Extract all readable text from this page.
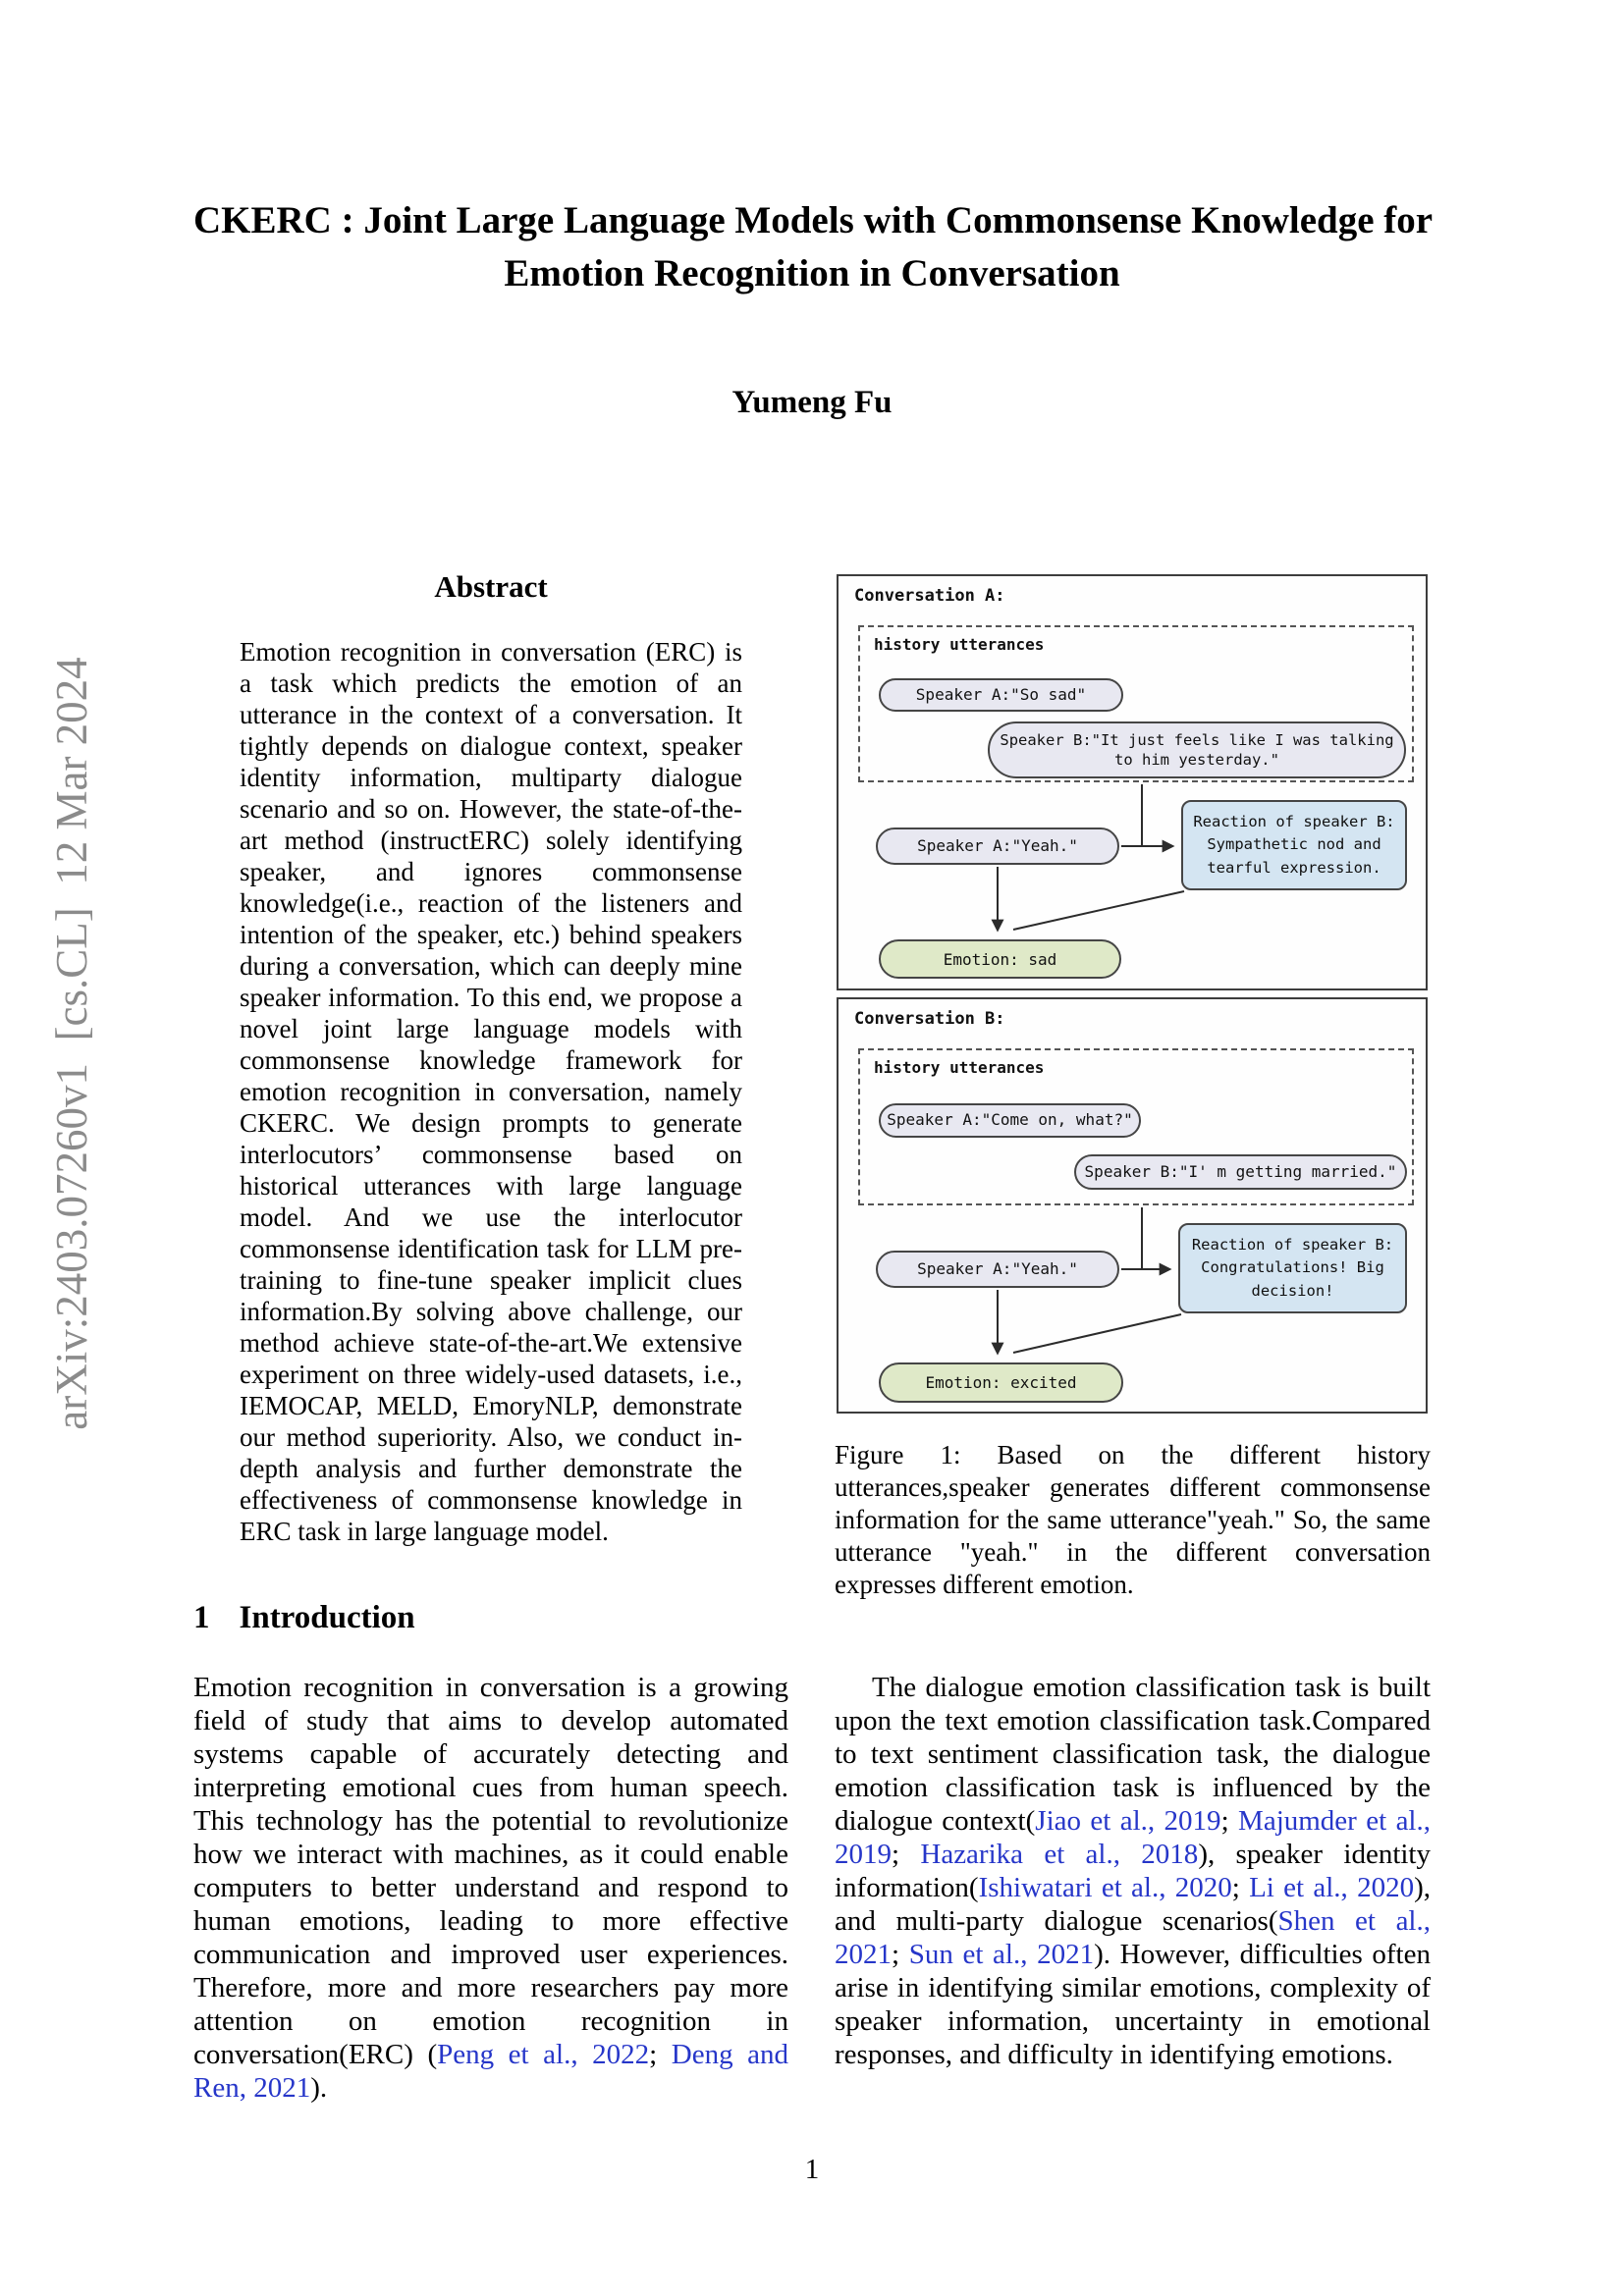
arXiv:2403.07260v1  [cs.CL]  12 Mar 2024
CKERC : Joint Large Language Models with Commonsense Knowledge for
Emotion Recognition in Conversation
Yumeng Fu
Abstract

Emotion recognition in conversation (ERC) is a task which predicts the emotion of an utterance in the context of a conversation. It tightly depends on dialogue context, speaker identity information, multiparty dialogue scenario and so on. However, the state-of-the-art method (instructERC) solely identifying speaker, and ignores commonsense knowledge(i.e., reaction of the listeners and intention of the speaker, etc.) behind speakers during a conversation, which can deeply mine speaker information. To this end, we propose a novel joint large language models with commonsense knowledge framework for emotion recognition in conversation, namely CKERC. We design prompts to generate interlocutors’ commonsense based on historical utterances with large language model. And we use the interlocutor commonsense identification task for LLM pre-training to fine-tune speaker implicit clues information.By solving above challenge, our method achieve state-of-the-art.We extensive experiment on three widely-used datasets, i.e., IEMOCAP, MELD, EmoryNLP, demonstrate our method superiority. Also, we conduct in-depth analysis and further demonstrate the effectiveness of commonsense knowledge in ERC task in large language model.

1 Introduction

Emotion recognition in conversation is a growing field of study that aims to develop automated systems capable of accurately detecting and interpreting emotional cues from human speech. This technology has the potential to revolutionize how we interact with machines, as it could enable computers to better understand and respond to human emotions, leading to more effective communication and improved user experiences. Therefore, more and more researchers pay more attention on emotion recognition in conversation(ERC) (Peng et al., 2022; Deng and Ren, 2021).

Conversation A:
history utterances
Speaker A:"So sad"
Speaker B:"It just feels like I was talking to him yesterday."
Speaker A:"Yeah."
Reaction of speaker B: Sympathetic nod and tearful expression.
Emotion: sad
Conversation B:
history utterances
Speaker A:"Come on, what?"
Speaker B:"I' m getting married."
Speaker A:"Yeah."
Reaction of speaker B: Congratulations! Big decision!
Emotion: excited

Figure 1: Based on the different history utterances,speaker generates different commonsense information for the same utterance"yeah." So, the same utterance "yeah." in the different conversation expresses different emotion.

The dialogue emotion classification task is built upon the text emotion classification task.Compared to text sentiment classification task, the dialogue emotion classification task is influenced by the dialogue context(Jiao et al., 2019; Majumder et al., 2019; Hazarika et al., 2018), speaker identity information(Ishiwatari et al., 2020; Li et al., 2020), and multi-party dialogue scenarios(Shen et al., 2021; Sun et al., 2021). However, difficulties often arise in identifying similar emotions, complexity of speaker information, uncertainty in emotional responses, and difficulty in identifying emotions.

1
